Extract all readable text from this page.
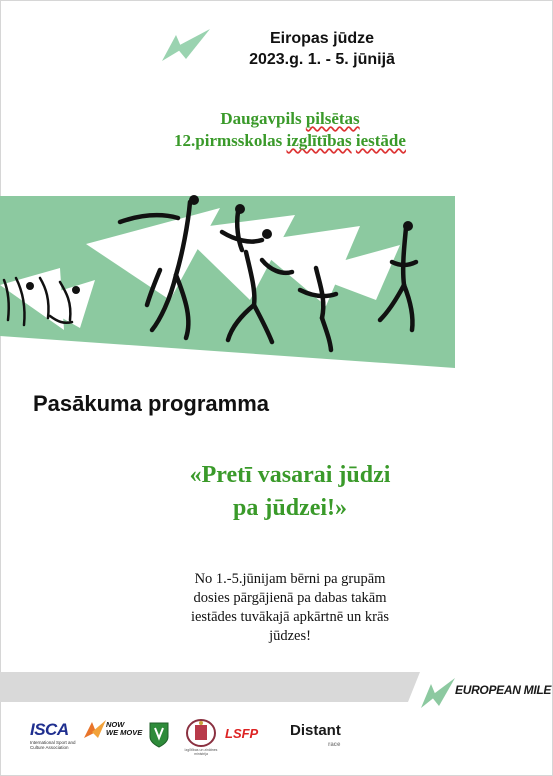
Eiropas jūdze
2023.g. 1. - 5. jūnijā
Daugavpils pilsētas
12.pirmsskolas izglītības iestāde
Pasākuma programma
«Pretī vasarai jūdzi
pa jūdzei!»
No 1.-5.jūnijam bērni pa grupām
dosies pārgājienā pa dabas takām
iestādes tuvākajā apkārtnē un krās
jūdzes!
EUROPEAN MILE
ISCA
International Sport and
Culture Association
NOW
WE MOVE
Izglītības un zinātnes
ministrija
LSFP Distant
race
